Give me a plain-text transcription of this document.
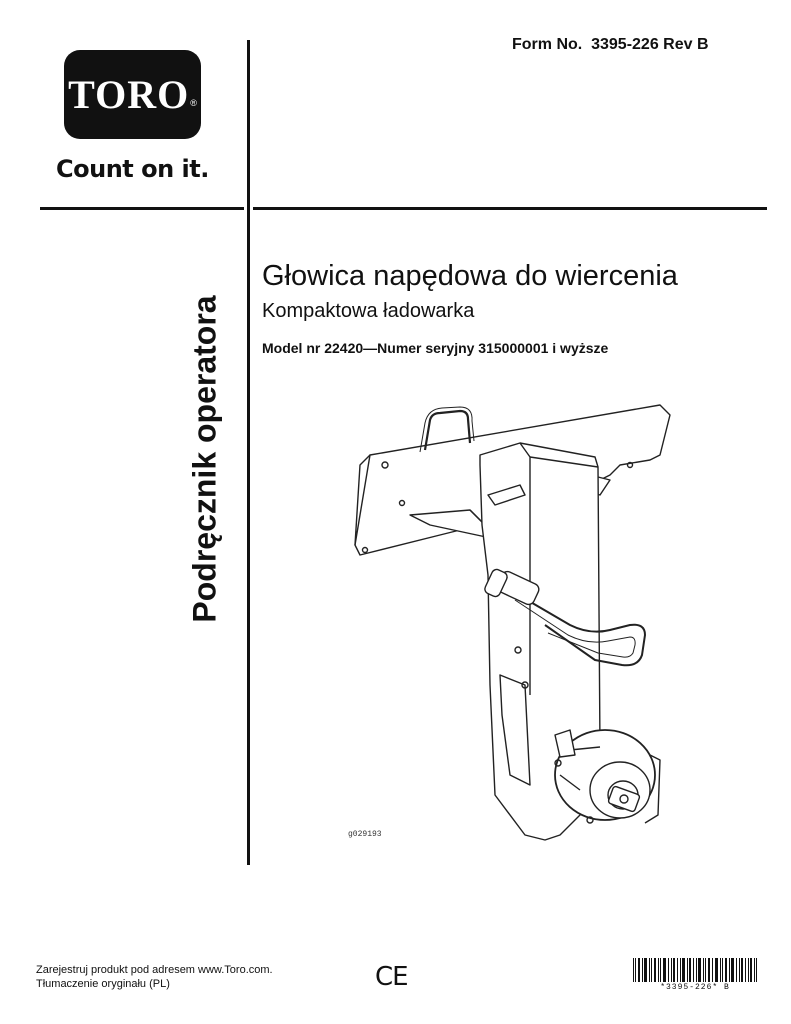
TORO ®
Count on it.
Form No.  3395-226 Rev B
Podręcznik operatora
Głowica napędowa do wiercenia
Kompaktowa ładowarka
Model nr 22420—Numer seryjny 315000001 i wyższe
g029193
Zarejestruj produkt pod adresem www.Toro.com.
Tłumaczenie oryginału (PL)	CE	*3395-226* B
